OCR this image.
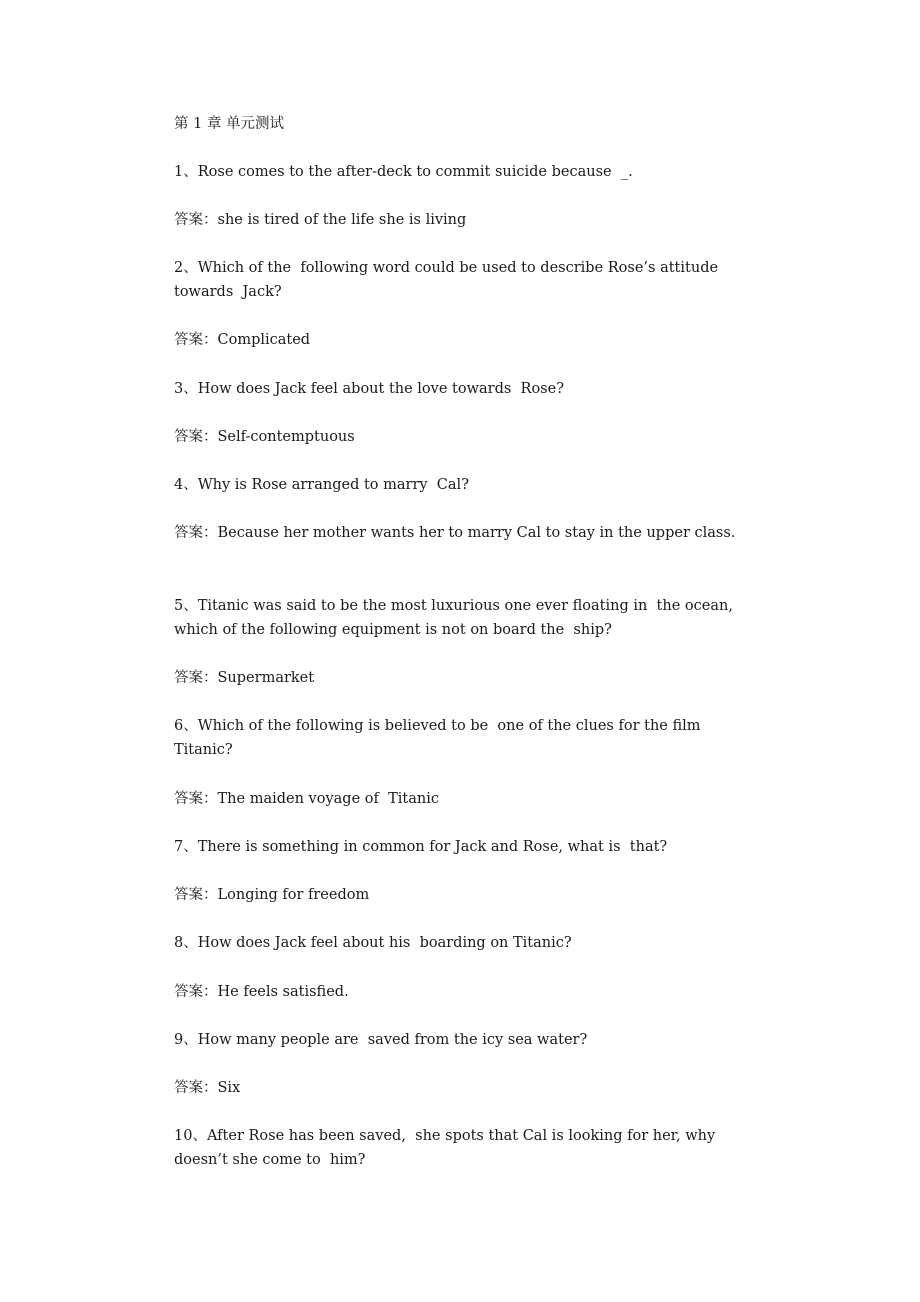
第 1 章 单元测试
1、Rose comes to the after-deck to commit suicide because  _.
答案：she is tired of the life she is living
2、Which of the  following word could be used to describe Rose’s attitude towards  Jack?
答案：Complicated
3、How does Jack feel about the love towards  Rose?
答案：Self-contemptuous
4、Why is Rose arranged to marry  Cal?
答案：Because her mother wants her to marry Cal to stay in the upper class.
5、Titanic was said to be the most luxurious one ever floating in  the ocean, which of the following equipment is not on board the  ship?
答案：Supermarket
6、Which of the following is believed to be  one of the clues for the film Titanic?
答案：The maiden voyage of  Titanic
7、There is something in common for Jack and Rose, what is  that?
答案：Longing for freedom
8、How does Jack feel about his  boarding on Titanic?
答案：He feels satisfied.
9、How many people are  saved from the icy sea water?
答案：Six
10、After Rose has been saved,  she spots that Cal is looking for her, why doesn’t she come to  him?
